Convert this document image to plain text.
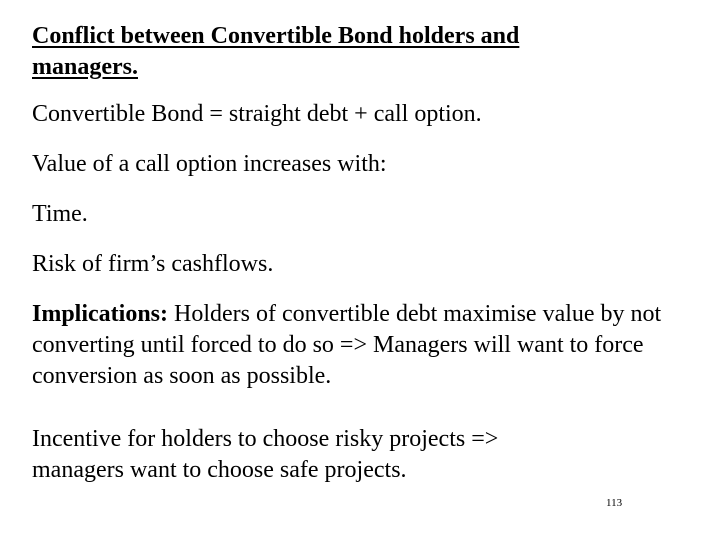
Conflict between Convertible Bond holders and
managers.
Convertible Bond = straight debt + call option.
Value of a call option increases with:
Time.
Risk of firm’s cashflows.
Implications: Holders of convertible debt maximise value by not converting until forced to do so => Managers will want to force conversion as soon as possible.
Incentive for holders to choose risky projects => managers want to choose safe projects.
113
